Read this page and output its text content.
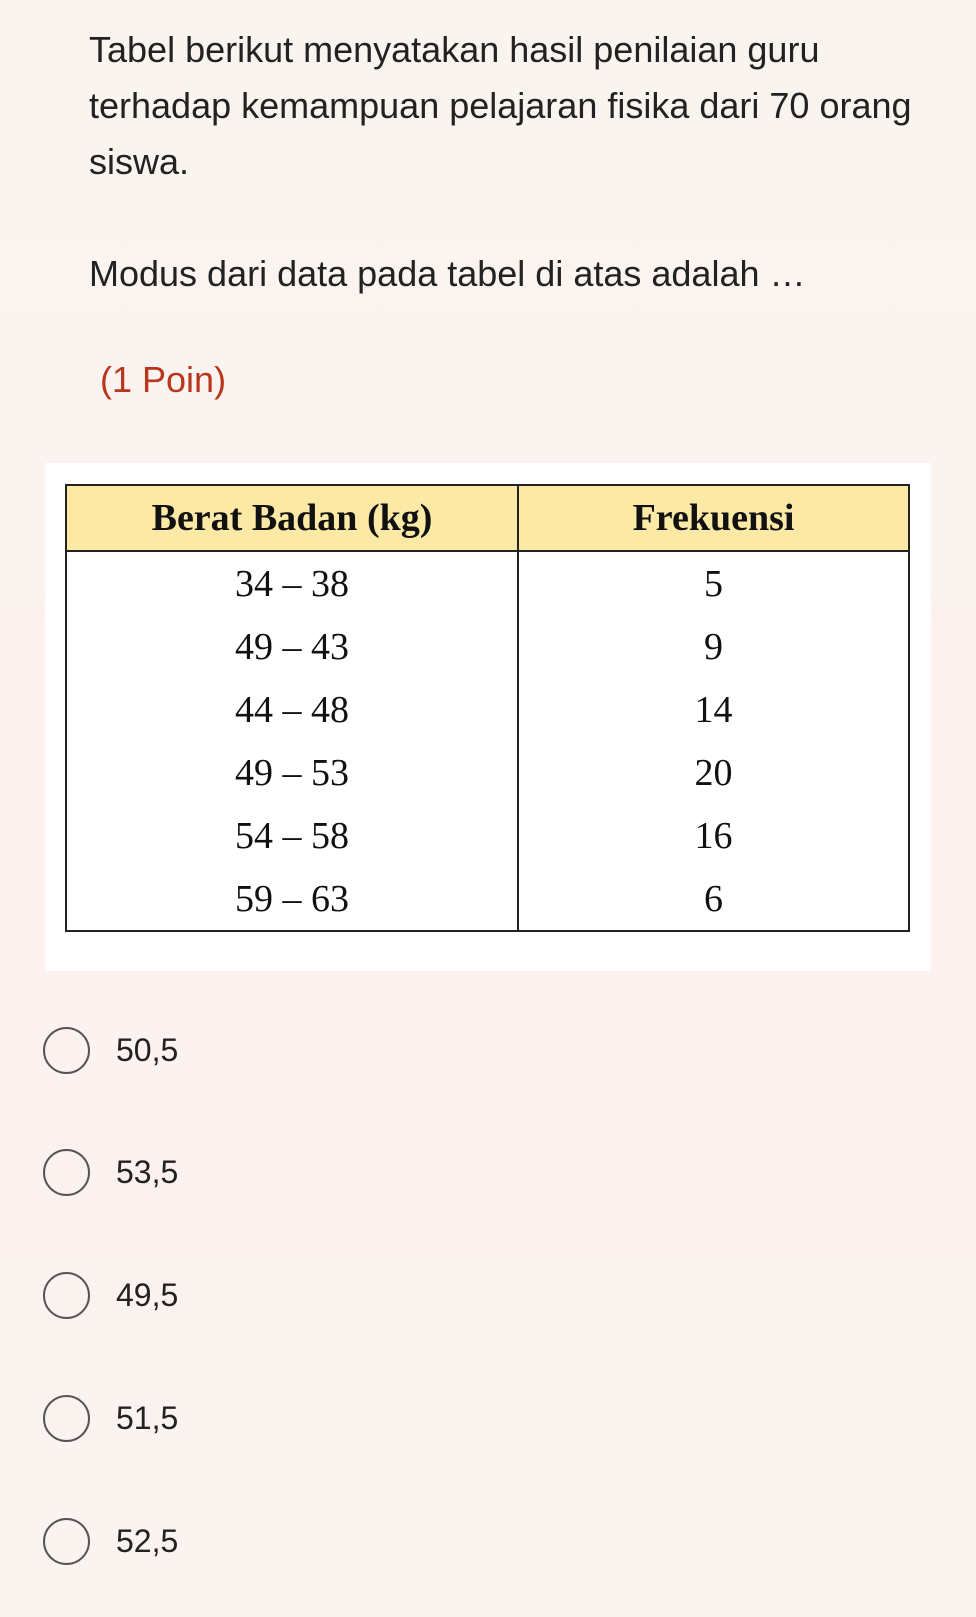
Tabel berikut menyatakan hasil penilaian guru terhadap kemampuan pelajaran fisika dari 70 orang siswa.

Modus dari data pada tabel di atas adalah …

(1 Poin)
Berat Badan (kg)	Frekuensi
34 – 38	5
49 – 43	9
44 – 48	14
49 – 53	20
54 – 58	16
59 – 63	6
50,5
53,5
49,5
51,5
52,5
